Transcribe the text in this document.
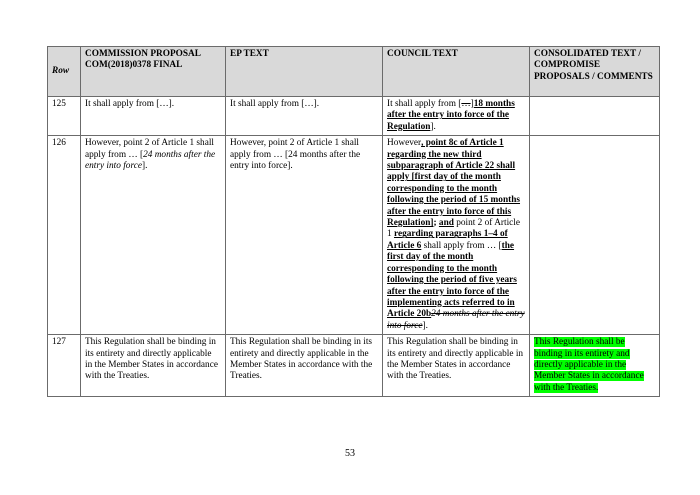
Row	COMMISSION PROPOSAL COM(2018)0378 FINAL	EP TEXT	COUNCIL TEXT	CONSOLIDATED TEXT / COMPROMISE PROPOSALS / COMMENTS
125	It shall apply from […].	It shall apply from […].	It shall apply from […]18 months after the entry into force of the Regulation].	
126	However, point 2 of Article 1 shall apply from … [24 months after the entry into force].	However, point 2 of Article 1 shall apply from … [24 months after the entry into force].	However, point 8c of Article 1 regarding the new third subparagraph of Article 22 shall apply [first day of the month corresponding to the month following the period of 15 months after the entry into force of this Regulation]; and point 2 of Article 1 regarding paragraphs 1–4 of Article 6 shall apply from … [the first day of the month corresponding to the month following the period of five years after the entry into force of the implementing acts referred to in Article 20b24 months after the entry into force].	
127	This Regulation shall be binding in its entirety and directly applicable in the Member States in accordance with the Treaties.	This Regulation shall be binding in its entirety and directly applicable in the Member States in accordance with the Treaties.	This Regulation shall be binding in its entirety and directly applicable in the Member States in accordance with the Treaties.	This Regulation shall be binding in its entirety and directly applicable in the Member States in accordance with the Treaties.
53
